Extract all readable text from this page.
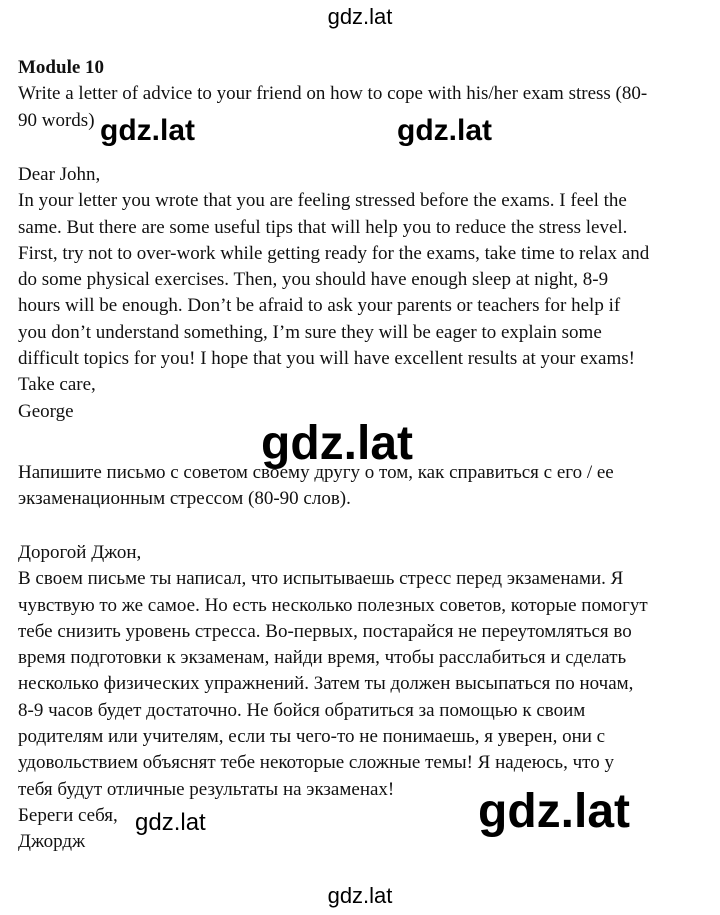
gdz.lat
Module 10
Write a letter of advice to your friend on how to cope with his/her exam stress (80-
90 words)
Dear John,
In your letter you wrote that you are feeling stressed before the exams. I feel the
same. But there are some useful tips that will help you to reduce the stress level.
First, try not to over-work while getting ready for the exams, take time to relax and
do some physical exercises. Then, you should have enough sleep at night, 8-9
hours will be enough. Don’t be afraid to ask your parents or teachers for help if
you don’t understand something, I’m sure they will be eager to explain some
difficult topics for you! I hope that you will have excellent results at your exams!
Take care,
George
Напишите письмо с советом своему другу о том, как справиться с его / ее
экзаменационным стрессом (80-90 слов).
Дорогой Джон,
В своем письме ты написал, что испытываешь стресс перед экзаменами. Я
чувствую то же самое. Но есть несколько полезных советов, которые помогут
тебе снизить уровень стресса. Во-первых, постарайся не переутомляться во
время подготовки к экзаменам, найди время, чтобы расслабиться и сделать
несколько физических упражнений. Затем ты должен высыпаться по ночам,
8-9 часов будет достаточно. Не бойся обратиться за помощью к своим
родителям или учителям, если ты чего-то не понимаешь, я уверен, они с
удовольствием объяснят тебе некоторые сложные темы! Я надеюсь, что у
тебя будут отличные результаты на экзаменах!
Береги себя,
Джордж
gdz.lat	gdz.lat
gdz.lat
gdz.lat
gdz.lat
gdz.lat
